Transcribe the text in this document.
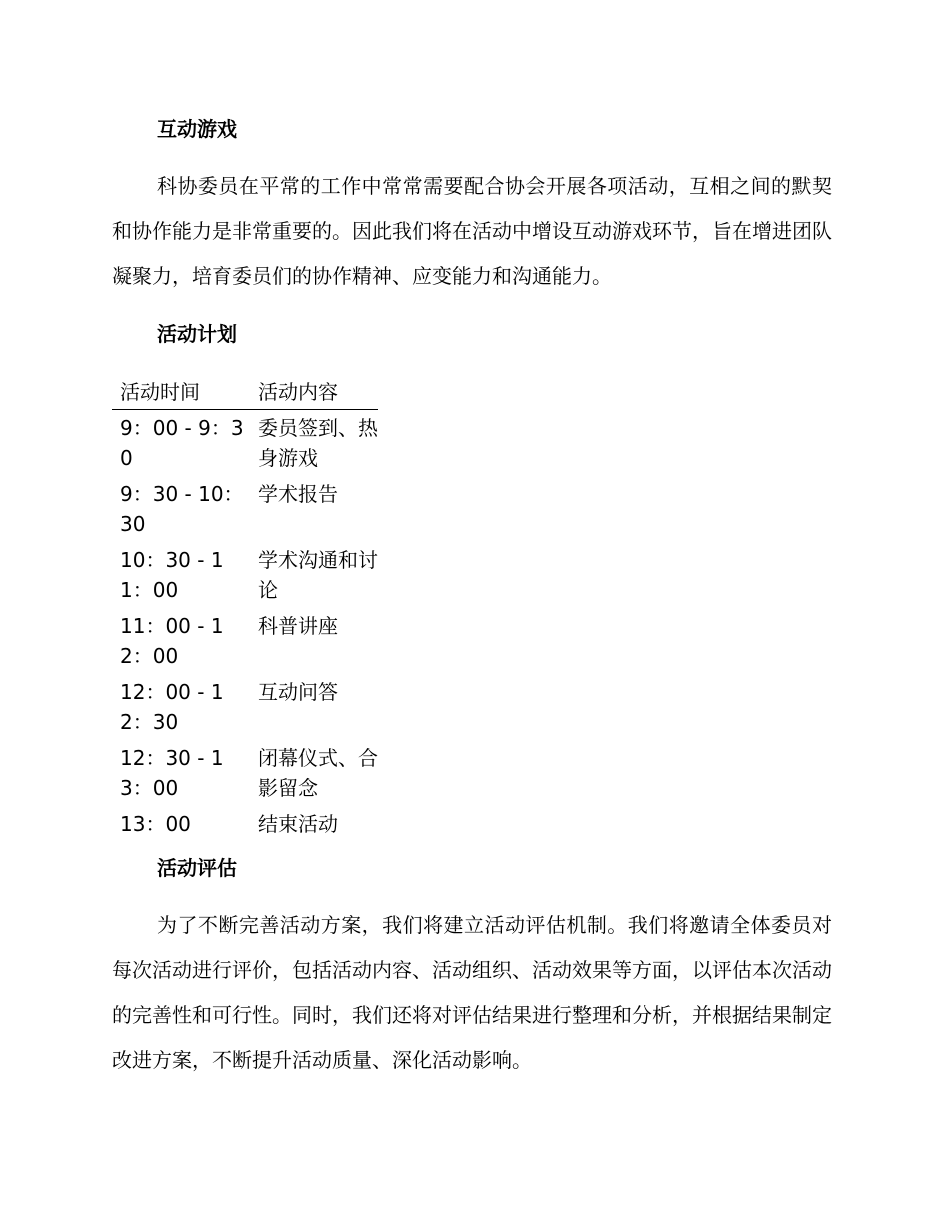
互动游戏

科协委员在平常的工作中常常需要配合协会开展各项活动，互相之间的默契和协作能力是非常重要的。因此我们将在活动中增设互动游戏环节，旨在增进团队凝聚力，培育委员们的协作精神、应变能力和沟通能力。

活动计划
活动时间	活动内容

9：00 - 9：30	委员签到、热身游戏

9：30 - 10：30	学术报告

10：30 - 11：00	学术沟通和讨论

11：00 - 12：00	科普讲座

12：00 - 12：30	互动问答

12：30 - 13：00	闭幕仪式、合影留念

13：00	结束活动
活动评估

为了不断完善活动方案，我们将建立活动评估机制。我们将邀请全体委员对每次活动进行评价，包括活动内容、活动组织、活动效果等方面，以评估本次活动的完善性和可行性。同时，我们还将对评估结果进行整理和分析，并根据结果制定改进方案，不断提升活动质量、深化活动影响。
